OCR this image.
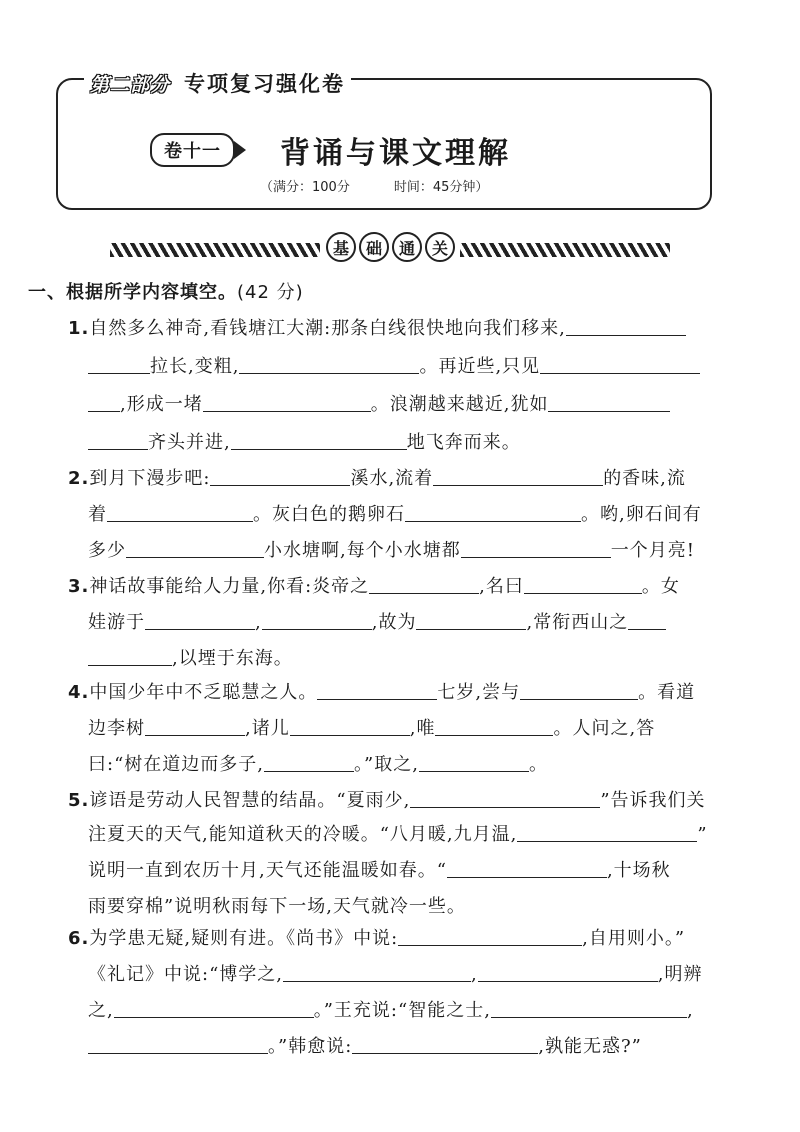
第二部分 专项复习强化卷
卷十一	背诵与课文理解
（满分：100分	时间：45分钟）
基	础	通	关
一、根据所学内容填空。(42 分)
1.自然多么神奇,看钱塘江大潮:那条白线很快地向我们移来,
拉长,变粗,	。再近些,只见
,形成一堵	。浪潮越来越近,犹如
齐头并进,	地飞奔而来。
2.到月下漫步吧:	溪水,流着	的香味,流
着	。灰白色的鹅卵石	。哟,卵石间有
多少	小水塘啊,每个小水塘都	一个月亮!
3.神话故事能给人力量,你看:炎帝之	,名曰	。女
娃游于	,	,故为	,常衔西山之
,以堙于东海。
4.中国少年中不乏聪慧之人。	七岁,尝与	。看道
边李树	,诸儿	,唯	。人问之,答
曰:“树在道边而多子,	。”取之,	。
5.谚语是劳动人民智慧的结晶。“夏雨少,	”告诉我们关
注夏天的天气,能知道秋天的冷暖。“八月暖,九月温,	”
说明一直到农历十月,天气还能温暖如春。“	,十场秋
雨要穿棉”说明秋雨每下一场,天气就冷一些。
6.为学患无疑,疑则有进。《尚书》中说:	,自用则小。”
《礼记》中说:“博学之,	,	,明辨
之,	。”王充说:“智能之士,	,
。”韩愈说:	,孰能无惑?”
